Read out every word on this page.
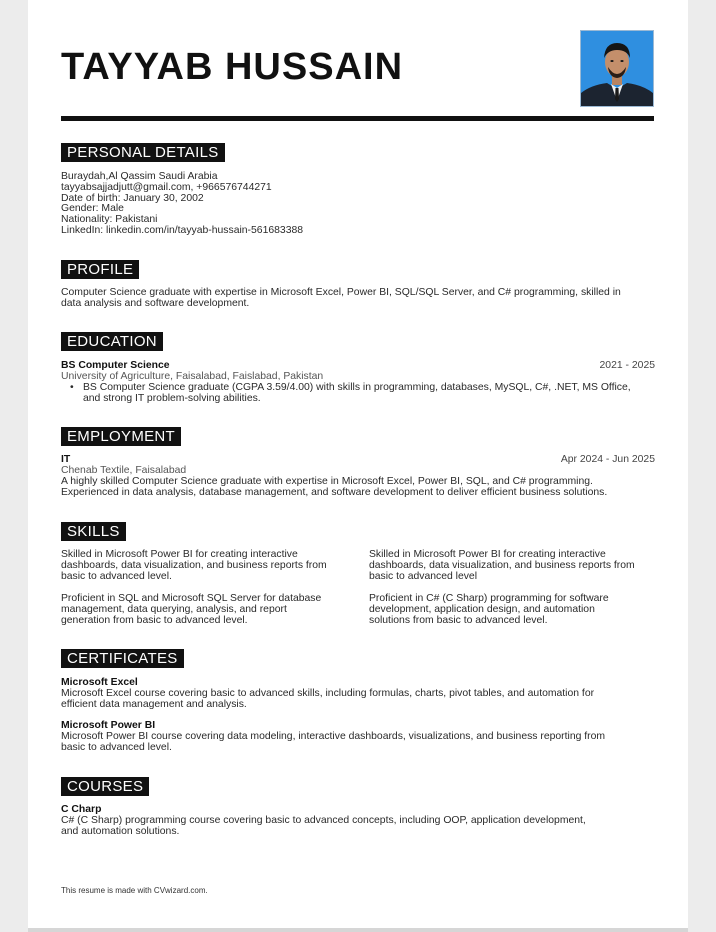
TAYYAB HUSSAIN
PERSONAL DETAILS
Buraydah,Al Qassim Saudi Arabia
tayyabsajjadjutt@gmail.com, +966576744271
Date of birth: January 30, 2002
Gender: Male
Nationality: Pakistani
LinkedIn: linkedin.com/in/tayyab-hussain-561683388
PROFILE
Computer Science graduate with expertise in Microsoft Excel, Power BI, SQL/SQL Server, and C# programming, skilled in
data analysis and software development.
EDUCATION
BS Computer Science	2021 - 2025
University of Agriculture, Faisalabad, Faislabad, Pakistan
• BS Computer Science graduate (CGPA 3.59/4.00) with skills in programming, databases, MySQL, C#, .NET, MS Office,
and strong IT problem-solving abilities.
EMPLOYMENT
IT	Apr 2024 - Jun 2025
Chenab Textile, Faisalabad
A highly skilled Computer Science graduate with expertise in Microsoft Excel, Power BI, SQL, and C# programming.
Experienced in data analysis, database management, and software development to deliver efficient business solutions.
SKILLS
Skilled in Microsoft Power BI for creating interactive
dashboards, data visualization, and business reports from
basic to advanced level.
Skilled in Microsoft Power BI for creating interactive
dashboards, data visualization, and business reports from
basic to advanced level
Proficient in SQL and Microsoft SQL Server for database
management, data querying, analysis, and report
generation from basic to advanced level.
Proficient in C# (C Sharp) programming for software
development, application design, and automation
solutions from basic to advanced level.
CERTIFICATES
Microsoft Excel
Microsoft Excel course covering basic to advanced skills, including formulas, charts, pivot tables, and automation for
efficient data management and analysis.
Microsoft Power BI
Microsoft Power BI course covering data modeling, interactive dashboards, visualizations, and business reporting from
basic to advanced level.
COURSES
C Charp
C# (C Sharp) programming course covering basic to advanced concepts, including OOP, application development,
and automation solutions.
This resume is made with CVwizard.com.
